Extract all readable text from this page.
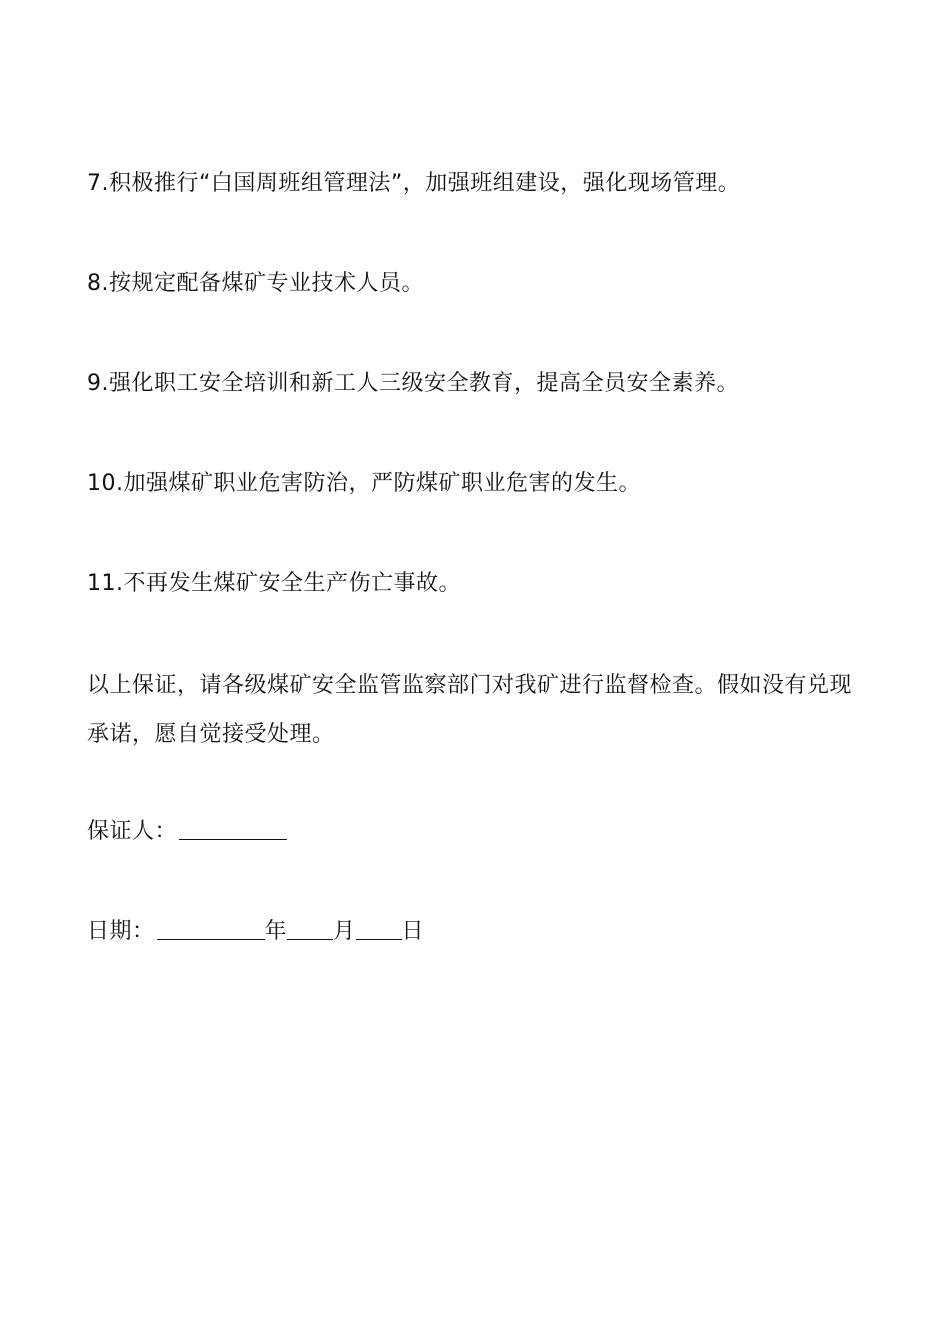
7.积极推行“白国周班组管理法”，加强班组建设，强化现场管理。
8.按规定配备煤矿专业技术人员。
9.强化职工安全培训和新工人三级安全教育，提高全员安全素养。
10.加强煤矿职业危害防治，严防煤矿职业危害的发生。
11.不再发生煤矿安全生产伤亡事故。
以上保证，请各级煤矿安全监管监察部门对我矿进行监督检查。假如没有兑现承诺，愿自觉接受处理。
保证人：
日期：	年 月 日
